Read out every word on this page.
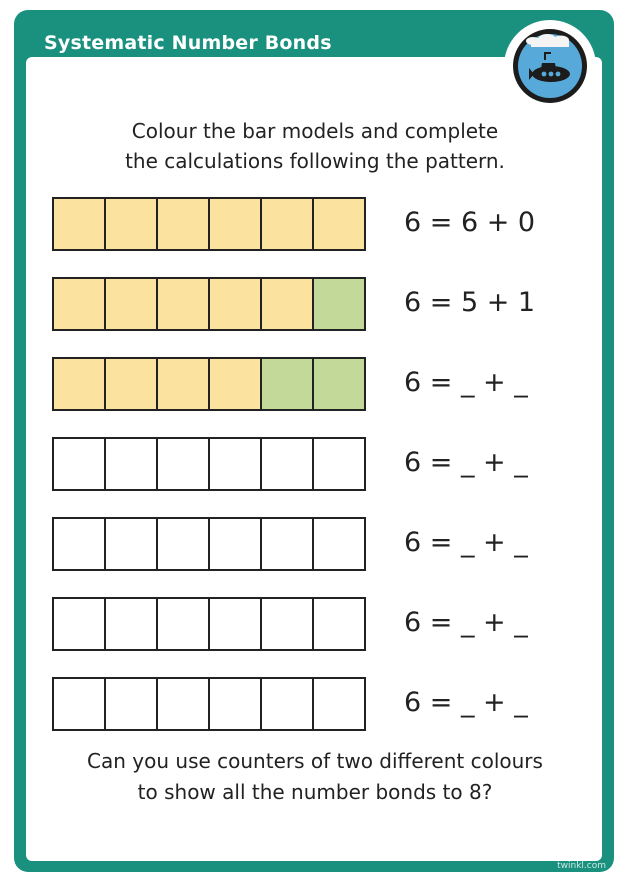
Systematic Number Bonds
Colour the bar models and complete
the calculations following the pattern.
6 = 6 + 0
6 = 5 + 1
6 = _ + _
6 = _ + _
6 = _ + _
6 = _ + _
6 = _ + _
Can you use counters of two different colours
to show all the number bonds to 8?
twinkl.com
